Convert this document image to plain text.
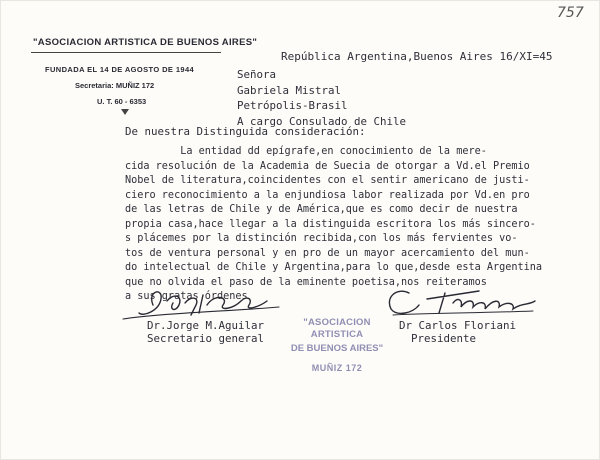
757
"ASOCIACION ARTISTICA DE BUENOS AIRES"
FUNDADA EL 14 DE AGOSTO DE 1944
Secretaria: MUÑIZ 172
U. T. 60 - 6353
República Argentina,Buenos Aires 16/XI=45
Señora
Gabriela Mistral
Petrópolis-Brasil
A cargo Consulado de Chile
De nuestra Distinguida consideración:
La entidad dd epígrafe,en conocimiento de la mere-
cida resolución de la Academia de Suecia de otorgar a Vd.el Premio
Nobel de literatura,coincidentes con el sentir americano de justi-
ciero reconocimiento a la enjundiosa labor realizada por Vd.en pro
de las letras de Chile y de América,que es como decir de nuestra
propia casa,hace llegar a la distinguida escritora los más sincero-
s plácemes por la distinción recibida,con los más fervientes vo-
tos de ventura personal y en pro de un mayor acercamiento del mun-
do intelectual de Chile y Argentina,para lo que,desde esta Argentina
que no olvida el paso de la eminente poetisa,nos reiteramos
a sus gratas órdenes
Dr.Jorge M.Aguilar
Secretario general
Dr Carlos Floriani
Presidente
"ASOCIACION ARTISTICA
DE BUENOS AIRES"
MUÑIZ 172
